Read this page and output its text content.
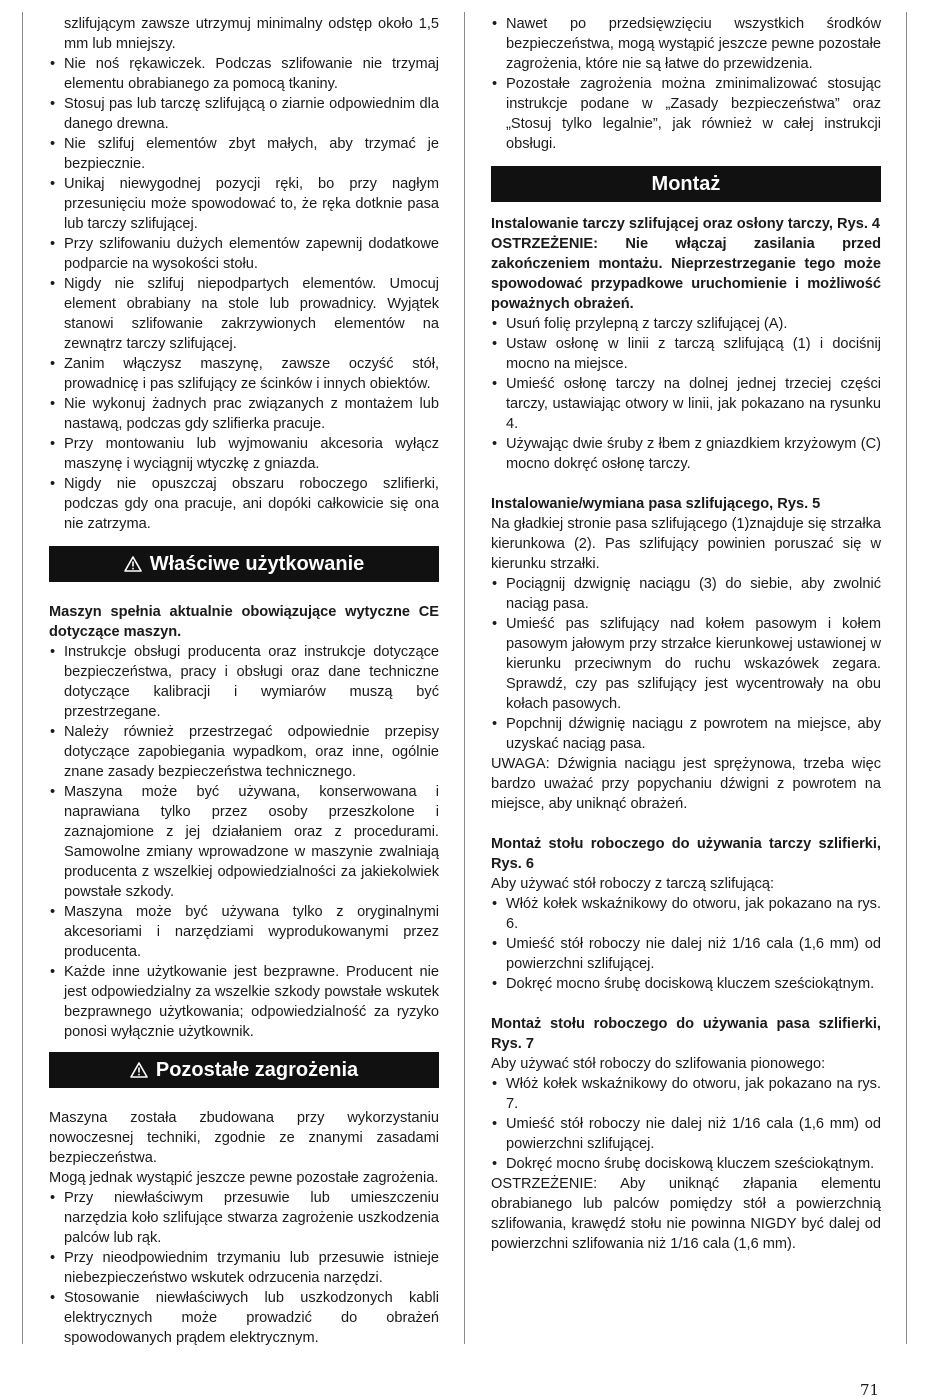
szlifującym zawsze utrzymuj minimalny odstęp około 1,5 mm lub mniejszy.

• Nie noś rękawiczek. Podczas szlifowanie nie trzymaj elementu obrabianego za pomocą tkaniny.
• Stosuj pas lub tarczę szlifującą o ziarnie odpowiednim dla danego drewna.
• Nie szlifuj elementów zbyt małych, aby trzymać je bezpiecznie.
• Unikaj niewygodnej pozycji ręki, bo przy nagłym przesunięciu może spowodować to, że ręka dotknie pasa lub tarczy szlifującej.
• Przy szlifowaniu dużych elementów zapewnij dodatkowe podparcie na wysokości stołu.
• Nigdy nie szlifuj niepodpartych elementów. Umocuj element obrabiany na stole lub prowadnicy. Wyjątek stanowi szlifowanie zakrzywionych elementów na zewnątrz tarczy szlifującej.
• Zanim włączysz maszynę, zawsze oczyść stół, prowadnicę i pas szlifujący ze ścinków i innych obiektów.
• Nie wykonuj żadnych prac związanych z montażem lub nastawą, podczas gdy szlifierka pracuje.
• Przy montowaniu lub wyjmowaniu akcesoria wyłącz maszynę i wyciągnij wtyczkę z gniazda.
• Nigdy nie opuszczaj obszaru roboczego szlifierki, podczas gdy ona pracuje, ani dopóki całkowicie się ona nie zatrzyma.
Właściwe użytkowanie
Maszyn spełnia aktualnie obowiązujące wytyczne CE dotyczące maszyn.
• Instrukcje obsługi producenta oraz instrukcje dotyczące bezpieczeństwa, pracy i obsługi oraz dane techniczne dotyczące kalibracji i wymiarów muszą być przestrzegane.
• Należy również przestrzegać odpowiednie przepisy dotyczące zapobiegania wypadkom, oraz inne, ogólnie znane zasady bezpieczeństwa technicznego.
• Maszyna może być używana, konserwowana i naprawiana tylko przez osoby przeszkolone i zaznajomione z jej działaniem oraz z procedurami. Samowolne zmiany wprowadzone w maszynie zwalniają producenta z wszelkiej odpowiedzialności za jakiekolwiek powstałe szkody.
• Maszyna może być używana tylko z oryginalnymi akcesoriami i narzędziami wyprodukowanymi przez producenta.
• Każde inne użytkowanie jest bezprawne. Producent nie jest odpowiedzialny za wszelkie szkody powstałe wskutek bezprawnego użytkowania; odpowiedzialność za ryzyko ponosi wyłącznie użytkownik.
Pozostałe zagrożenia

Maszyna została zbudowana przy wykorzystaniu nowoczesnej techniki, zgodnie ze znanymi zasadami bezpieczeństwa.

Mogą jednak wystąpić jeszcze pewne pozostałe zagrożenia.

• Przy niewłaściwym przesuwie lub umieszczeniu narzędzia koło szlifujące stwarza zagrożenie uszkodzenia palców lub rąk.
• Przy nieodpowiednim trzymaniu lub przesuwie istnieje niebezpieczeństwo wskutek odrzucenia narzędzi.
• Stosowanie niewłaściwych lub uszkodzonych kabli elektrycznych może prowadzić do obrażeń spowodowanych prądem elektrycznym.
• Nawet po przedsięwzięciu wszystkich środków bezpieczeństwa, mogą wystąpić jeszcze pewne pozostałe zagrożenia, które nie są łatwe do przewidzenia.
• Pozostałe zagrożenia można zminimalizować stosując instrukcje podane w „Zasady bezpieczeństwa” oraz „Stosuj tylko legalnie”, jak również w całej instrukcji obsługi.
Montaż
Instalowanie tarczy szlifującej oraz osłony tarczy, Rys. 4
OSTRZEŻENIE: Nie włączaj zasilania przed zakończeniem montażu. Nieprzestrzeganie tego może spowodować przypadkowe uruchomienie i możliwość poważnych obrażeń.
• Usuń folię przylepną z tarczy szlifującej (A).
• Ustaw osłonę w linii z tarczą szlifującą (1) i dociśnij mocno na miejsce.
• Umieść osłonę tarczy na dolnej jednej trzeciej części tarczy, ustawiając otwory w linii, jak pokazano na rysunku 4.
• Używając dwie śruby z łbem z gniazdkiem krzyżowym (C) mocno dokręć osłonę tarczy.
Instalowanie/wymiana pasa szlifującego, Rys. 5

Na gładkiej stronie pasa szlifującego (1)znajduje się strzałka kierunkowa (2). Pas szlifujący powinien poruszać się w kierunku strzałki.

• Pociągnij dzwignię naciągu (3) do siebie, aby zwolnić naciąg pasa.
• Umieść pas szlifujący nad kołem pasowym i kołem pasowym jałowym przy strzałce kierunkowej ustawionej w kierunku przeciwnym do ruchu wskazówek zegara. Sprawdź, czy pas szlifujący jest wycentrowały na obu kołach pasowych.
• Popchnij dźwignię naciągu z powrotem na miejsce, aby uzyskać naciąg pasa.

UWAGA: Dźwignia naciągu jest sprężynowa, trzeba więc bardzo uważać przy popychaniu dźwigni z powrotem na miejsce, aby uniknąć obrażeń.

Montaż stołu roboczego do używania tarczy szlifierki, Rys. 6

Aby używać stół roboczy z tarczą szlifującą:

• Włóż kołek wskaźnikowy do otworu, jak pokazano na rys. 6.
• Umieść stół roboczy nie dalej niż 1/16 cala (1,6 mm) od powierzchni szlifującej.
• Dokręć mocno śrubę dociskową kluczem sześciokątnym.
Montaż stołu roboczego do używania pasa szlifierki, Rys. 7

Aby używać stół roboczy do szlifowania pionowego:

• Włóż kołek wskaźnikowy do otworu, jak pokazano na rys. 7.
• Umieść stół roboczy nie dalej niż 1/16 cala (1,6 mm) od powierzchni szlifującej.
• Dokręć mocno śrubę dociskową kluczem sześciokątnym.

OSTRZEŻENIE: Aby uniknąć złapania elementu obrabianego lub palców pomiędzy stół a powierzchnią szlifowania, krawędź stołu nie powinna NIGDY być dalej od powierzchni szlifowania niż 1/16 cala (1,6 mm).

71
